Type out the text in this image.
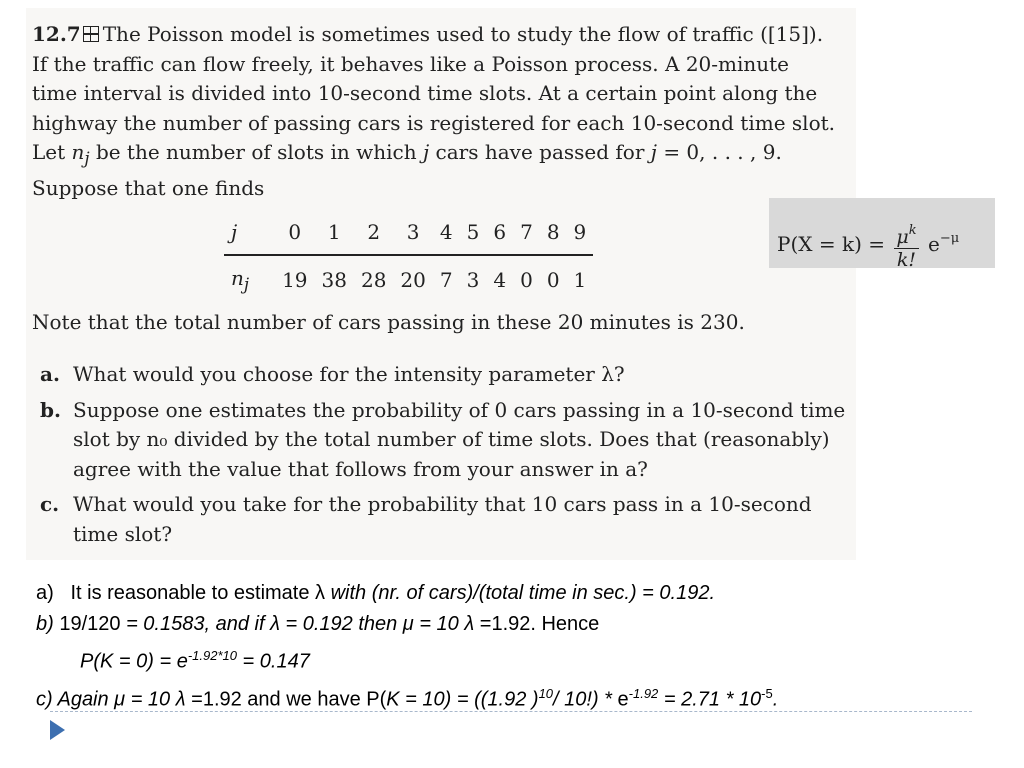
12.7 The Poisson model is sometimes used to study the flow of traffic ([15]).

If the traffic can flow freely, it behaves like a Poisson process. A 20-minute

time interval is divided into 10-second time slots. At a certain point along the

highway the number of passing cars is registered for each 10-second time slot.

Let $n_j$ be the number of slots in which j cars have passed for j = 0, . . . , 9.

Suppose that one finds

j	0	1	2	3	4	5	6	7	8	9
$n_j$	19	38	28	20	7	3	4	0	0	1
Note that the total number of cars passing in these 20 minutes is 230.
a. What would you choose for the intensity parameter λ?
b. Suppose one estimates the probability of 0 cars passing in a 10-second time slot by n₀ divided by the total number of time slots. Does that (reasonably) agree with the value that follows from your answer in a?
c. What would you take for the probability that 10 cars pass in a 10-second time slot?
$P(X = k) = \frac{\mu^k}{k!} e^{-\mu}$

a) It is reasonable to estimate λ with (nr. of cars)/(total time in sec.) = 0.192.

b) 19/120 = 0.1583, and if λ = 0.192 then μ = 10 λ =1.92. Hence

$P(K = 0) = e^{-1.92*10} = 0.147$

c) Again μ = 10 λ =1.92 and we have P(K = 10) = ((1.92 )$^{10}$/ $10!) * e^{-1.92} = 2.71 * 10^{-5}$.
